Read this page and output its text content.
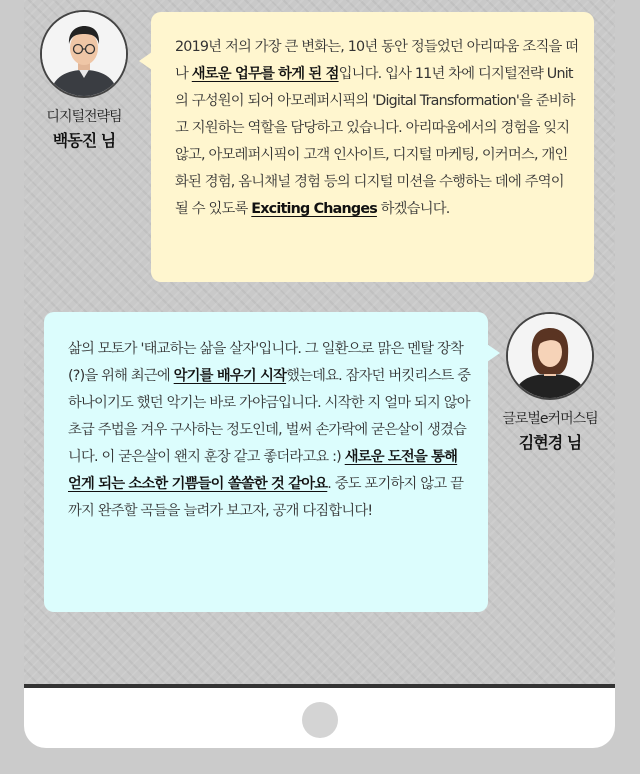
디지털전략팀
백동진 님

2019년 저의 가장 큰 변화는, 10년 동안 정들었던 아리따움 조직을 떠나 새로운 업무를 하게 된 점입니다. 입사 11년 차에 디지털전략 Unit의 구성원이 되어 아모레퍼시픽의 'Digital Transformation'을 준비하고 지원하는 역할을 담당하고 있습니다. 아리따움에서의 경험을 잊지 않고, 아모레퍼시픽이 고객 인사이트, 디지털 마케팅, 이커머스, 개인화된 경험, 옴니채널 경험 등의 디지털 미션을 수행하는 데에 주역이 될 수 있도록 Exciting Changes 하겠습니다.

삶의 모토가 '태교하는 삶을 살자'입니다. 그 일환으로 맑은 멘탈 장착(?)을 위해 최근에 악기를 배우기 시작했는데요. 잠자던 버킷리스트 중 하나이기도 했던 악기는 바로 가야금입니다. 시작한 지 얼마 되지 않아 초급 주법을 겨우 구사하는 정도인데, 벌써 손가락에 굳은살이 생겼습니다. 이 굳은살이 왠지 훈장 같고 좋더라고요 :) 새로운 도전을 통해 얻게 되는 소소한 기쁨들이 쏠쏠한 것 같아요. 중도 포기하지 않고 끝까지 완주할 곡들을 늘려가 보고자, 공개 다짐합니다!

글로벌e커머스팀
김현경 님
